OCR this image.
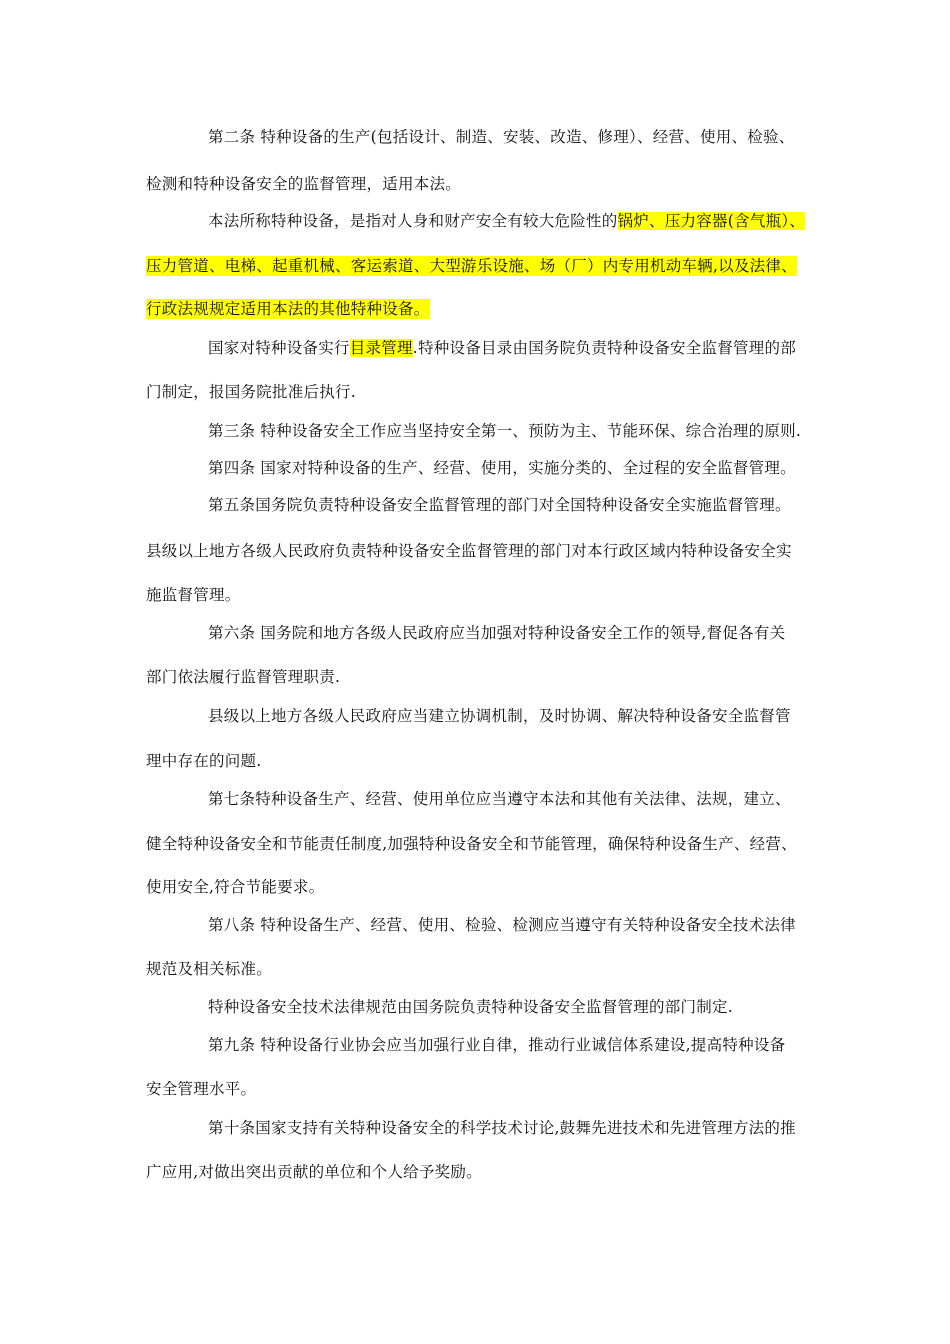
第二条 特种设备的生产(包括设计、制造、安装、改造、修理）、经营、使用、检验、
检测和特种设备安全的监督管理，适用本法。
本法所称特种设备，是指对人身和财产安全有较大危险性的锅炉、压力容器(含气瓶）、
压力管道、电梯、起重机械、客运索道、大型游乐设施、场（厂）内专用机动车辆,以及法律、
行政法规规定适用本法的其他特种设备。
国家对特种设备实行目录管理.特种设备目录由国务院负责特种设备安全监督管理的部
门制定，报国务院批准后执行.
第三条 特种设备安全工作应当坚持安全第一、预防为主、节能环保、综合治理的原则.
第四条 国家对特种设备的生产、经营、使用，实施分类的、全过程的安全监督管理。
第五条国务院负责特种设备安全监督管理的部门对全国特种设备安全实施监督管理。
县级以上地方各级人民政府负责特种设备安全监督管理的部门对本行政区域内特种设备安全实
施监督管理。
第六条 国务院和地方各级人民政府应当加强对特种设备安全工作的领导,督促各有关
部门依法履行监督管理职责.
县级以上地方各级人民政府应当建立协调机制，及时协调、解决特种设备安全监督管
理中存在的问题.
第七条特种设备生产、经营、使用单位应当遵守本法和其他有关法律、法规，建立、
健全特种设备安全和节能责任制度,加强特种设备安全和节能管理，确保特种设备生产、经营、
使用安全,符合节能要求。
第八条 特种设备生产、经营、使用、检验、检测应当遵守有关特种设备安全技术法律
规范及相关标准。
特种设备安全技术法律规范由国务院负责特种设备安全监督管理的部门制定.
第九条 特种设备行业协会应当加强行业自律，推动行业诚信体系建设,提高特种设备
安全管理水平。
第十条国家支持有关特种设备安全的科学技术讨论,鼓舞先进技术和先进管理方法的推
广应用,对做出突出贡献的单位和个人给予奖励。
